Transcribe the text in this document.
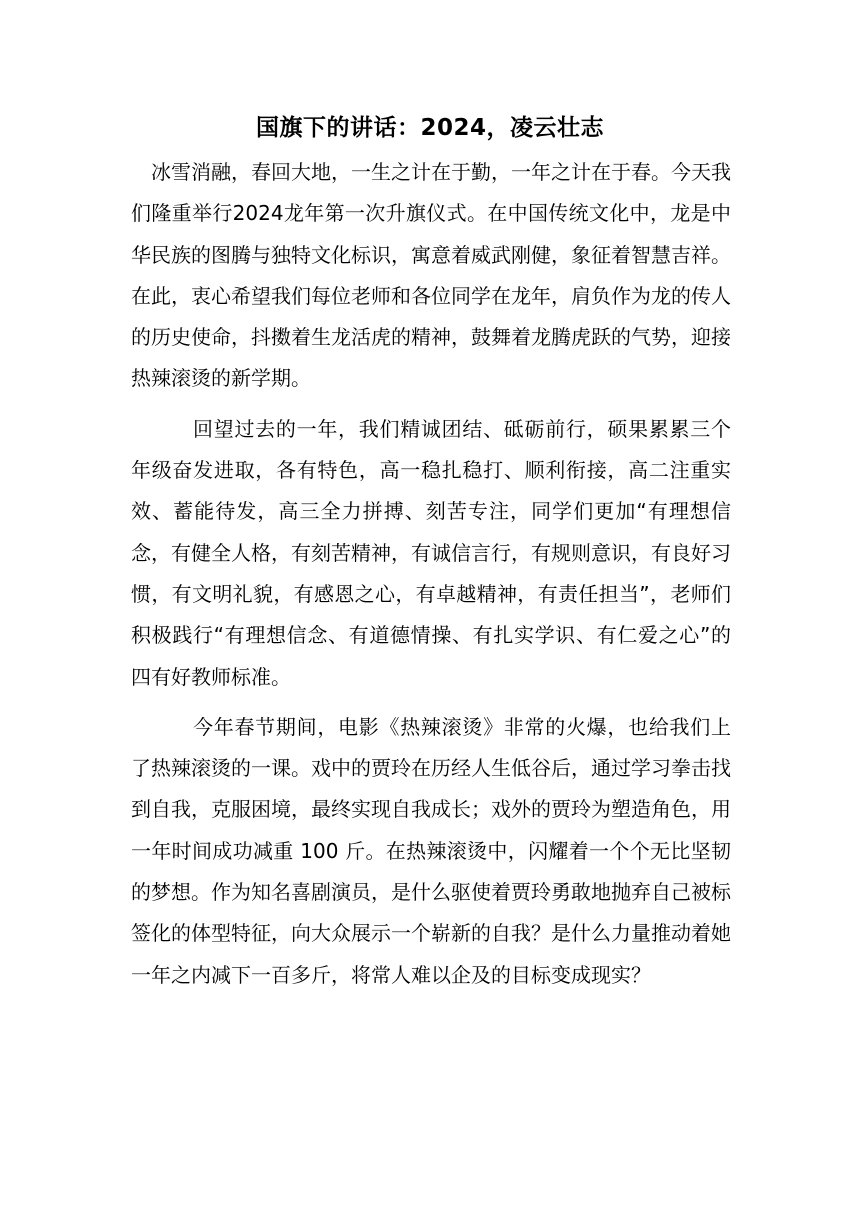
国旗下的讲话：2024，凌云壮志

冰雪消融，春回大地，一生之计在于勤，一年之计在于春。今天我们隆重举行2024龙年第一次升旗仪式。在中国传统文化中，龙是中华民族的图腾与独特文化标识，寓意着威武刚健，象征着智慧吉祥。在此，衷心希望我们每位老师和各位同学在龙年，肩负作为龙的传人的历史使命，抖擞着生龙活虎的精神，鼓舞着龙腾虎跃的气势，迎接热辣滚烫的新学期。

回望过去的一年，我们精诚团结、砥砺前行，硕果累累三个年级奋发进取，各有特色，高一稳扎稳打、顺利衔接，高二注重实效、蓄能待发，高三全力拼搏、刻苦专注，同学们更加“有理想信念，有健全人格，有刻苦精神，有诚信言行，有规则意识，有良好习惯，有文明礼貌，有感恩之心，有卓越精神，有责任担当”，老师们积极践行“有理想信念、有道德情操、有扎实学识、有仁爱之心”的四有好教师标准。

今年春节期间，电影《热辣滚烫》非常的火爆，也给我们上了热辣滚烫的一课。戏中的贾玲在历经人生低谷后，通过学习拳击找到自我，克服困境，最终实现自我成长；戏外的贾玲为塑造角色，用一年时间成功减重 100 斤。在热辣滚烫中，闪耀着一个个无比坚韧的梦想。作为知名喜剧演员，是什么驱使着贾玲勇敢地抛弃自己被标签化的体型特征，向大众展示一个崭新的自我？是什么力量推动着她一年之内减下一百多斤，将常人难以企及的目标变成现实？
